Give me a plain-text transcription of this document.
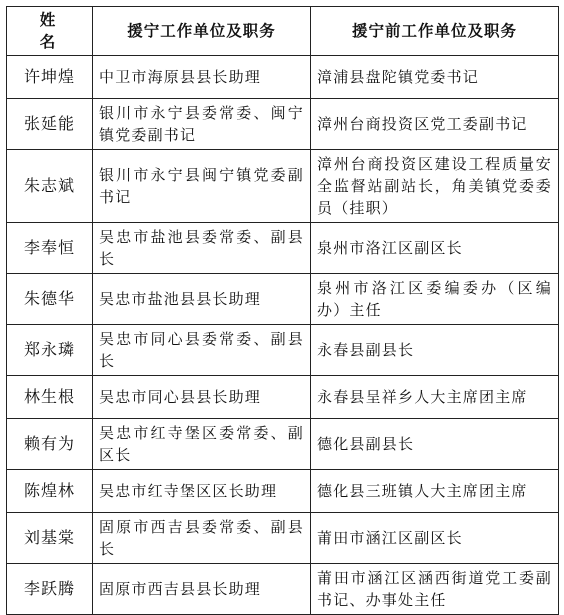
姓 名	援宁工作单位及职务	援宁前工作单位及职务
许坤煌	中卫市海原县县长助理	漳浦县盘陀镇党委书记
张延能	银川市永宁县委常委、闽宁镇党委副书记	漳州台商投资区党工委副书记
朱志斌	银川市永宁县闽宁镇党委副书记	漳州台商投资区建设工程质量安全监督站副站长，角美镇党委委员（挂职）
李奉恒	吴忠市盐池县委常委、副县长	泉州市洛江区副区长
朱德华	吴忠市盐池县县长助理	泉州市洛江区委编委办（区编办）主任
郑永璘	吴忠市同心县委常委、副县长	永春县副县长
林生根	吴忠市同心县县长助理	永春县呈祥乡人大主席团主席
赖有为	吴忠市红寺堡区委常委、副区长	德化县副县长
陈煌林	吴忠市红寺堡区区长助理	德化县三班镇人大主席团主席
刘基棠	固原市西吉县委常委、副县长	莆田市涵江区副区长
李跃腾	固原市西吉县县长助理	莆田市涵江区涵西街道党工委副书记、办事处主任
